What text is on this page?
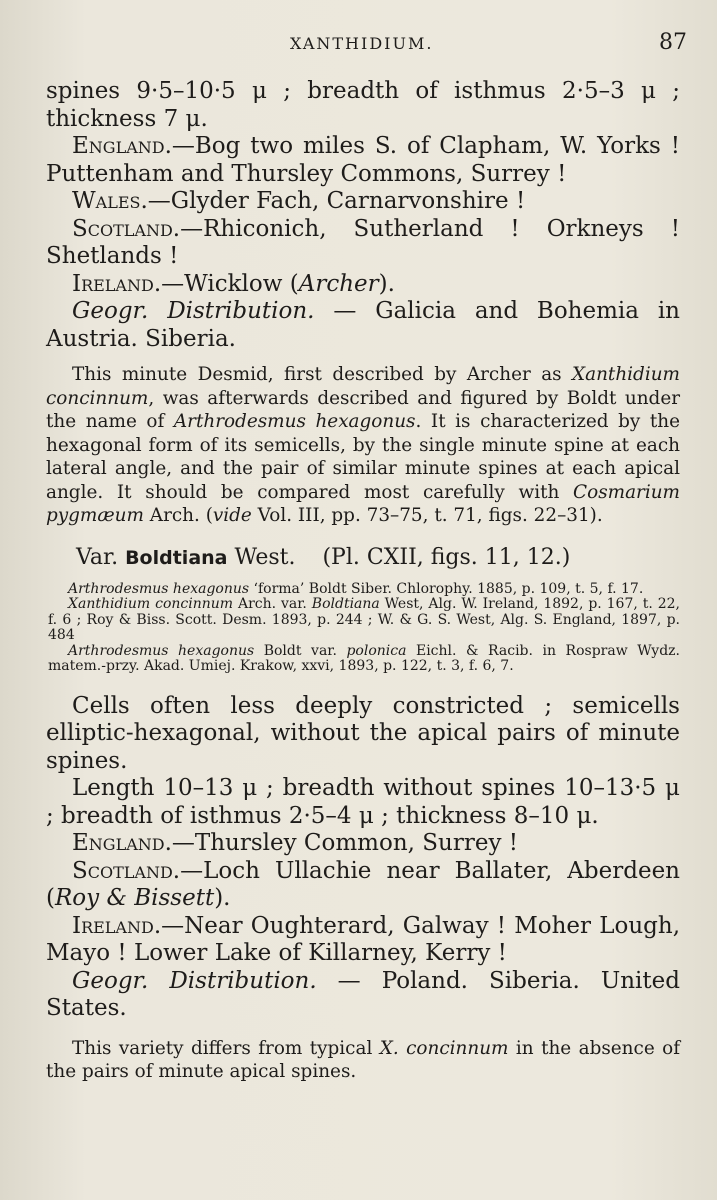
XANTHIDIUM.	87

spines 9·5–10·5 μ ; breadth of isthmus 2·5–3 μ ; thickness 7 μ.

England.—Bog two miles S. of Clapham, W. Yorks ! Puttenham and Thursley Commons, Surrey !

Wales.—Glyder Fach, Carnarvonshire !

Scotland.—Rhiconich, Sutherland ! Orkneys ! Shetlands !

Ireland.—Wicklow (Archer).

Geogr. Distribution. — Galicia and Bohemia in Austria. Siberia.

This minute Desmid, first described by Archer as Xanthidium concinnum, was afterwards described and figured by Boldt under the name of Arthrodesmus hexagonus. It is characterized by the hexagonal form of its semicells, by the single minute spine at each lateral angle, and the pair of similar minute spines at each apical angle. It should be compared most carefully with Cosmarium pygmæum Arch. (vide Vol. III, pp. 73–75, t. 71, figs. 22–31).

Var. Boldtiana West. (Pl. CXII, figs. 11, 12.)

Arthrodesmus hexagonus ‘forma’ Boldt Siber. Chlorophy. 1885, p. 109, t. 5, f. 17.

Xanthidium concinnum Arch. var. Boldtiana West, Alg. W. Ireland, 1892, p. 167, t. 22, f. 6 ; Roy & Biss. Scott. Desm. 1893, p. 244 ; W. & G. S. West, Alg. S. England, 1897, p. 484

Arthrodesmus hexagonus Boldt var. polonica Eichl. & Racib. in Rospraw Wydz. matem.-przy. Akad. Umiej. Krakow, xxvi, 1893, p. 122, t. 3, f. 6, 7.

Cells often less deeply constricted ; semicells elliptic-hexagonal, without the apical pairs of minute spines.

Length 10–13 μ ; breadth without spines 10–13·5 μ ; breadth of isthmus 2·5–4 μ ; thickness 8–10 μ.

England.—Thursley Common, Surrey !

Scotland.—Loch Ullachie near Ballater, Aberdeen (Roy & Bissett).

Ireland.—Near Oughterard, Galway ! Moher Lough, Mayo ! Lower Lake of Killarney, Kerry !

Geogr. Distribution. — Poland. Siberia. United States.

This variety differs from typical X. concinnum in the absence of the pairs of minute apical spines.
